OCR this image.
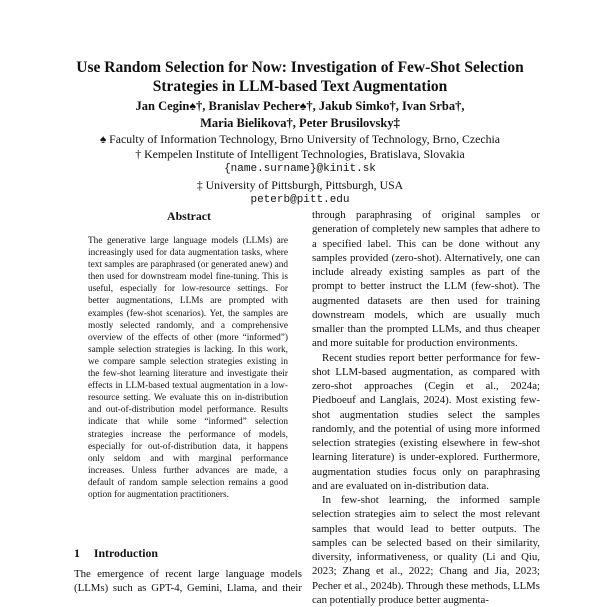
Use Random Selection for Now: Investigation of Few-Shot Selection
Strategies in LLM-based Text Augmentation
Jan Cegin♠†, Branislav Pecher♠†, Jakub Simko†, Ivan Srba†,
Maria Bielikova†, Peter Brusilovsky‡
♠ Faculty of Information Technology, Brno University of Technology, Brno, Czechia
† Kempelen Institute of Intelligent Technologies, Bratislava, Slovakia
{name.surname}@kinit.sk
‡ University of Pittsburgh, Pittsburgh, USA
peterb@pitt.edu
Abstract
The generative large language models (LLMs) are increasingly used for data augmentation tasks, where text samples are paraphrased (or generated anew) and then used for downstream model fine-tuning. This is useful, especially for low-resource settings. For better augmentations, LLMs are prompted with examples (few-shot scenarios). Yet, the samples are mostly selected randomly, and a comprehensive overview of the effects of other (more “informed”) sample selection strategies is lacking. In this work, we compare sample selection strategies existing in the few-shot learning literature and investigate their effects in LLM-based textual augmentation in a low-resource setting. We evaluate this on in-distribution and out-of-distribution model performance. Results indicate that while some “informed” selection strategies increase the performance of models, especially for out-of-distribution data, it happens only seldom and with marginal performance increases. Unless further advances are made, a default of random sample selection remains a good option for augmentation practitioners.
1 Introduction
The emergence of recent large language models
(LLMs) such as GPT-4, Gemini, Llama, and their

through paraphrasing of original samples or generation of completely new samples that adhere to a specified label. This can be done without any samples provided (zero-shot). Alternatively, one can include already existing samples as part of the prompt to better instruct the LLM (few-shot). The augmented datasets are then used for training downstream models, which are usually much smaller than the prompted LLMs, and thus cheaper and more suitable for production environments.

Recent studies report better performance for few-shot LLM-based augmentation, as compared with zero-shot approaches (Cegin et al., 2024a; Piedboeuf and Langlais, 2024). Most existing few-shot augmentation studies select the samples randomly, and the potential of using more informed selection strategies (existing elsewhere in few-shot learning literature) is under-explored. Furthermore, augmentation studies focus only on paraphrasing and are evaluated on in-distribution data.

In few-shot learning, the informed sample selection strategies aim to select the most relevant samples that would lead to better outputs. The samples can be selected based on their similarity, diversity, informativeness, or quality (Li and Qiu, 2023; Zhang et al., 2022; Chang and Jia, 2023; Pecher et al., 2024b). Through these methods, LLMs can potentially produce better augmenta-
